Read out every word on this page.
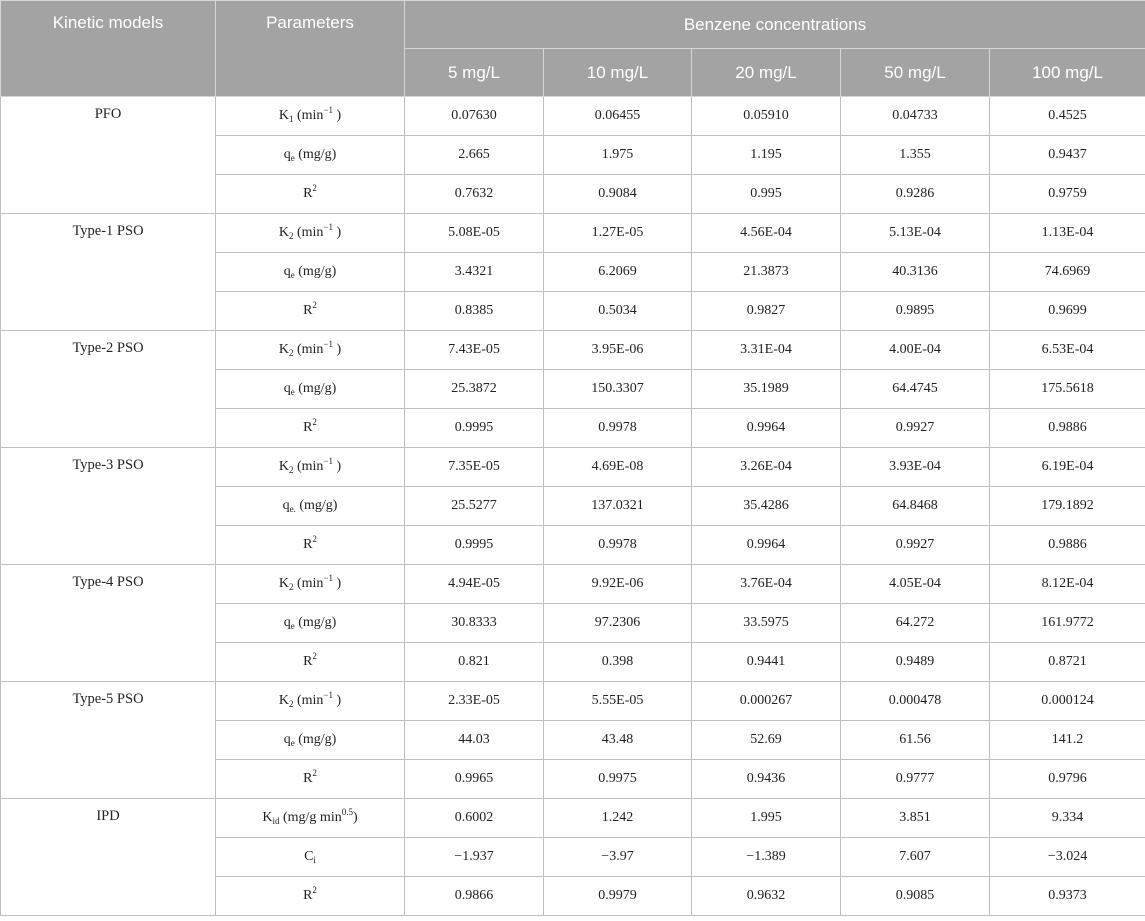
Kinetic models	Parameters	Benzene concentrations				
		5 mg/L	10 mg/L	20 mg/L	50 mg/L	100 mg/L
PFO	$K_1$ ($\min^{-1}$ )	0.07630	0.06455	0.05910	0.04733	0.4525
	$q_e$ (mg/g)	2.665	1.975	1.195	1.355	0.9437
	$R^2$	0.7632	0.9084	0.995	0.9286	0.9759
Type-1 PSO	$K_2$ ($\min^{-1}$ )	5.08E-05	1.27E-05	4.56E-04	5.13E-04	1.13E-04
	$q_e$ (mg/g)	3.4321	6.2069	21.3873	40.3136	74.6969
	$R^2$	0.8385	0.5034	0.9827	0.9895	0.9699
Type-2 PSO	$K_2$ ($\min^{-1}$ )	7.43E-05	3.95E-06	3.31E-04	4.00E-04	6.53E-04
	$q_e$ (mg/g)	25.3872	150.3307	35.1989	64.4745	175.5618
	$R^2$	0.9995	0.9978	0.9964	0.9927	0.9886
Type-3 PSO	$K_2$ ($\min^{-1}$ )	7.35E-05	4.69E-08	3.26E-04	3.93E-04	6.19E-04
	$q_{e.}$ (mg/g)	25.5277	137.0321	35.4286	64.8468	179.1892
	$R^2$	0.9995	0.9978	0.9964	0.9927	0.9886
Type-4 PSO	$K_2$ ($\min^{-1}$ )	4.94E-05	9.92E-06	3.76E-04	4.05E-04	8.12E-04
	$q_e$ (mg/g)	30.8333	97.2306	33.5975	64.272	161.9772
	$R^2$	0.821	0.398	0.9441	0.9489	0.8721
Type-5 PSO	$K_2$ ($\min^{-1}$ )	2.33E-05	5.55E-05	0.000267	0.000478	0.000124
	$q_e$ (mg/g)	44.03	43.48	52.69	61.56	141.2
	$R^2$	0.9965	0.9975	0.9436	0.9777	0.9796
IPD	$K_{id}$ (mg/g $\min^{0.5}$)	0.6002	1.242	1.995	3.851	9.334
	$C_i$	−1.937	−3.97	−1.389	7.607	−3.024
	$R^2$	0.9866	0.9979	0.9632	0.9085	0.9373
